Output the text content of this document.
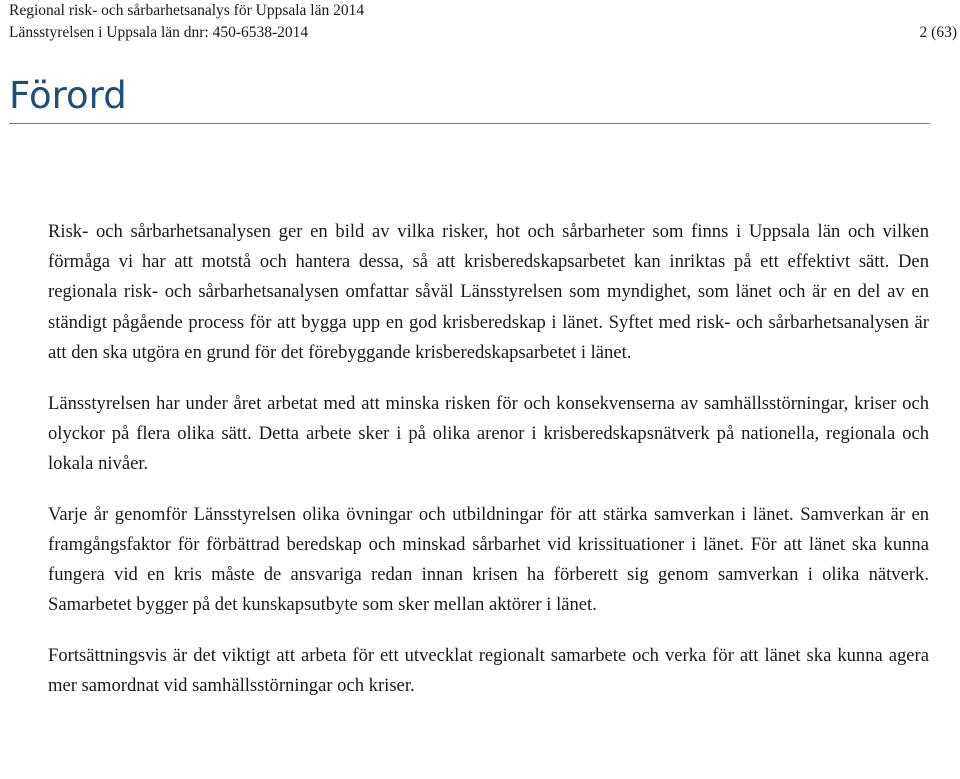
Regional risk- och sårbarhetsanalys för Uppsala län 2014
Länsstyrelsen i Uppsala län dnr: 450-6538-2014	2 (63)
Förord

Risk- och sårbarhetsanalysen ger en bild av vilka risker, hot och sårbarheter som finns i Uppsala län och vilken förmåga vi har att motstå och hantera dessa, så att krisberedskapsarbetet kan inriktas på ett effektivt sätt. Den regionala risk- och sårbarhetsanalysen omfattar såväl Länsstyrelsen som myndighet, som länet och är en del av en ständigt pågående process för att bygga upp en god krisberedskap i länet. Syftet med risk- och sårbarhetsanalysen är att den ska utgöra en grund för det förebyggande krisberedskapsarbetet i länet.

Länsstyrelsen har under året arbetat med att minska risken för och konsekvenserna av samhällsstörningar, kriser och olyckor på flera olika sätt. Detta arbete sker i på olika arenor i krisberedskapsnätverk på nationella, regionala och lokala nivåer.

Varje år genomför Länsstyrelsen olika övningar och utbildningar för att stärka samverkan i länet. Samverkan är en framgångsfaktor för förbättrad beredskap och minskad sårbarhet vid krissituationer i länet. För att länet ska kunna fungera vid en kris måste de ansvariga redan innan krisen ha förberett sig genom samverkan i olika nätverk. Samarbetet bygger på det kunskapsutbyte som sker mellan aktörer i länet.

Fortsättningsvis är det viktigt att arbeta för ett utvecklat regionalt samarbete och verka för att länet ska kunna agera mer samordnat vid samhällsstörningar och kriser.
